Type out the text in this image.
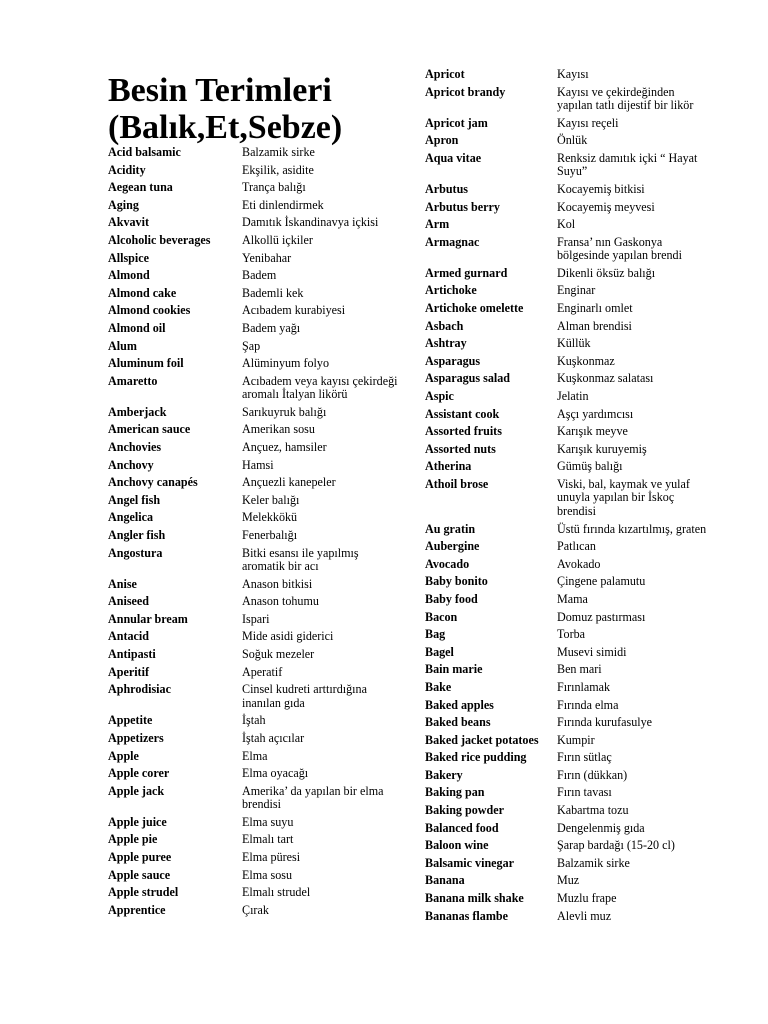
Besin Terimleri (Balık,Et,Sebze)
Acid balsamic	Balzamik sirke
Acidity	Ekşilik, asidite
Aegean tuna	Trança balığı
Aging	Eti dinlendirmek
Akvavit	Damıtık İskandinavya içkisi
Alcoholic beverages	Alkollü içkiler
Allspice	Yenibahar
Almond	Badem
Almond cake	Bademli kek
Almond cookies	Acıbadem kurabiyesi
Almond oil	Badem yağı
Alum	Şap
Aluminum foil	Alüminyum folyo
Amaretto	Acıbadem veya kayısı çekirdeği aromalı İtalyan likörü
Amberjack	Sarıkuyruk balığı
American sauce	Amerikan sosu
Anchovies	Ançuez, hamsiler
Anchovy	Hamsi
Anchovy canapés	Ançuezli kanepeler
Angel fish	Keler balığı
Angelica	Melekkökü
Angler fish	Fenerbalığı
Angostura	Bitki esansı ile yapılmış aromatik bir acı
Anise	Anason bitkisi
Aniseed	Anason tohumu
Annular bream	Ispari
Antacid	Mide asidi giderici
Antipasti	Soğuk mezeler
Aperitif	Aperatif
Aphrodisiac	Cinsel kudreti arttırdığına inanılan gıda
Appetite	İştah
Appetizers	İştah açıcılar
Apple	Elma
Apple corer	Elma oyacağı
Apple jack	Amerika’ da yapılan bir elma brendisi
Apple juice	Elma suyu
Apple pie	Elmalı tart
Apple puree	Elma püresi
Apple sauce	Elma sosu
Apple strudel	Elmalı strudel
Apprentice	Çırak
Apricot	Kayısı
Apricot brandy	Kayısı ve çekirdeğinden yapılan tatlı dijestif bir likör
Apricot jam	Kayısı reçeli
Apron	Önlük
Aqua vitae	Renksiz damıtık içki “ Hayat Suyu”
Arbutus	Kocayemiş bitkisi
Arbutus berry	Kocayemiş meyvesi
Arm	Kol
Armagnac	Fransa’ nın Gaskonya bölgesinde yapılan brendi
Armed gurnard	Dikenli öksüz balığı
Artichoke	Enginar
Artichoke omelette	Enginarlı omlet
Asbach	Alman brendisi
Ashtray	Küllük
Asparagus	Kuşkonmaz
Asparagus salad	Kuşkonmaz salatası
Aspic	Jelatin
Assistant cook	Aşçı yardımcısı
Assorted fruits	Karışık meyve
Assorted nuts	Karışık kuruyemiş
Atherina	Gümüş balığı
Athoil brose	Viski, bal, kaymak ve yulaf unuyla yapılan bir İskoç brendisi
Au gratin	Üstü fırında kızartılmış, graten
Aubergine	Patlıcan
Avocado	Avokado
Baby bonito	Çingene palamutu
Baby food	Mama
Bacon	Domuz pastırması
Bag	Torba
Bagel	Musevi simidi
Bain marie	Ben mari
Bake	Fırınlamak
Baked apples	Fırında elma
Baked beans	Fırında kurufasulye
Baked jacket potatoes	Kumpir
Baked rice pudding	Fırın sütlaç
Bakery	Fırın (dükkan)
Baking pan	Fırın tavası
Baking powder	Kabartma tozu
Balanced food	Dengelenmiş gıda
Baloon wine	Şarap bardağı (15-20 cl)
Balsamic vinegar	Balzamik sirke
Banana	Muz
Banana milk shake	Muzlu frape
Bananas flambe	Alevli muz
